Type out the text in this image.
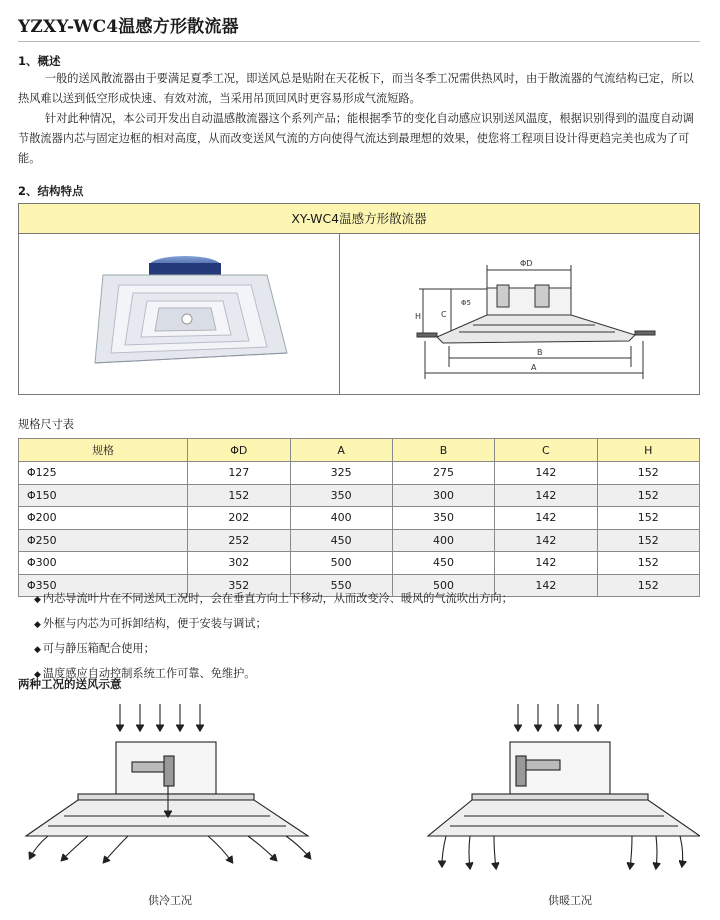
YZXY-WC4温感方形散流器
1、概述

一般的送风散流器由于要满足夏季工况，即送风总是贴附在天花板下，而当冬季工况需供热风时，由于散流器的气流结构已定，所以热风难以送到低空形成快速、有效对流，当采用吊顶回风时更容易形成气流短路。

针对此种情况，本公司开发出自动温感散流器这个系列产品；能根据季节的变化自动感应识别送风温度，根据识别得到的温度自动调节散流器内芯与固定边框的相对高度，从而改变送风气流的方向使得气流达到最理想的效果，使您将工程项目设计得更趋完美也成为了可能。

2、结构特点
XY-WC4温感方形散流器
ΦD
H C
Φ5
B
A
规格尺寸表
规格	ΦD	A	B	C	H
Φ125	127	325	275	142	152
Φ150	152	350	300	142	152
Φ200	202	400	350	142	152
Φ250	252	450	400	142	152
Φ300	302	500	450	142	152
Φ350	352	550	500	142	152
◆ 内芯导流叶片在不同送风工况时，会在垂直方向上下移动，从而改变冷、暖风的气流吹出方向；
◆ 外框与内芯为可拆卸结构，便于安装与调试；
◆ 可与静压箱配合使用；
◆ 温度感应自动控制系统工作可靠、免维护。
两种工况的送风示意
供冷工况	供暖工况
